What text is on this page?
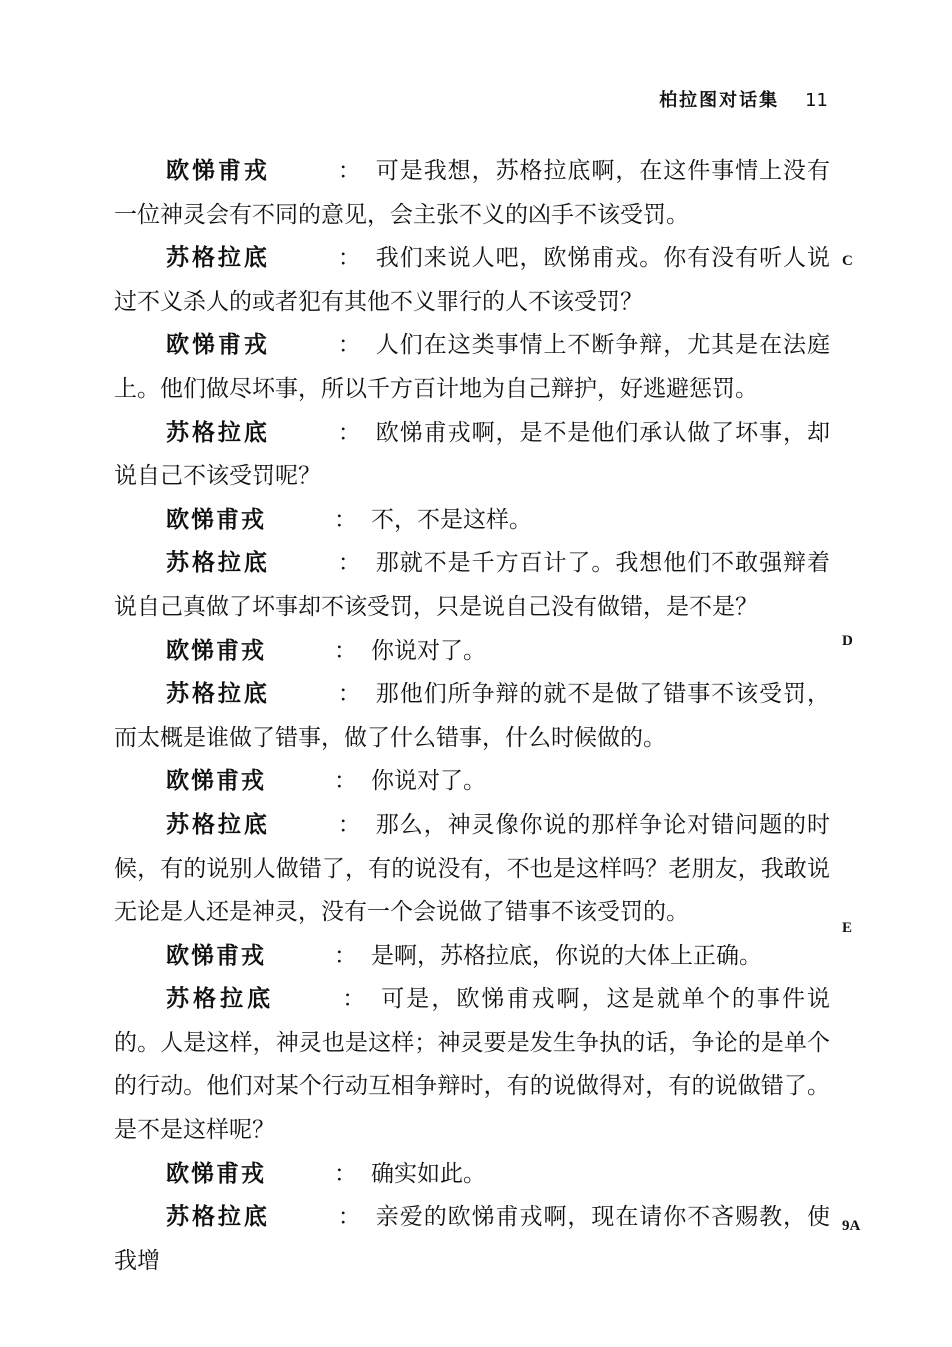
柏拉图对话集 11

欧悌甫戎	： 可是我想，苏格拉底啊，在这件事情上没有一位神灵会有不同的意见，会主张不义的凶手不该受罚。

苏格拉底	： 我们来说人吧，欧悌甫戎。你有没有听人说过不义杀人的或者犯有其他不义罪行的人不该受罚？

欧悌甫戎	： 人们在这类事情上不断争辩，尤其是在法庭上。他们做尽坏事，所以千方百计地为自己辩护，好逃避惩罚。

苏格拉底	： 欧悌甫戎啊，是不是他们承认做了坏事，却说自己不该受罚呢？

欧悌甫戎	： 不，不是这样。

苏格拉底	： 那就不是千方百计了。我想他们不敢强辩着说自己真做了坏事却不该受罚，只是说自己没有做错，是不是？

欧悌甫戎	： 你说对了。

苏格拉底	： 那他们所争辩的就不是做了错事不该受罚，而太概是谁做了错事，做了什么错事，什么时候做的。

欧悌甫戎	： 你说对了。

苏格拉底	： 那么，神灵像你说的那样争论对错问题的时候，有的说别人做错了，有的说没有，不也是这样吗？老朋友，我敢说无论是人还是神灵，没有一个会说做了错事不该受罚的。

欧悌甫戎	： 是啊，苏格拉底，你说的大体上正确。

苏格拉底	： 可是，欧悌甫戎啊，这是就单个的事件说的。人是这样，神灵也是这样；神灵要是发生争执的话，争论的是单个的行动。他们对某个行动互相争辩时，有的说做得对，有的说做错了。是不是这样呢？

欧悌甫戎	： 确实如此。

苏格拉底	： 亲爱的欧悌甫戎啊，现在请你不吝赐教，使我增

C
D
E
9A
